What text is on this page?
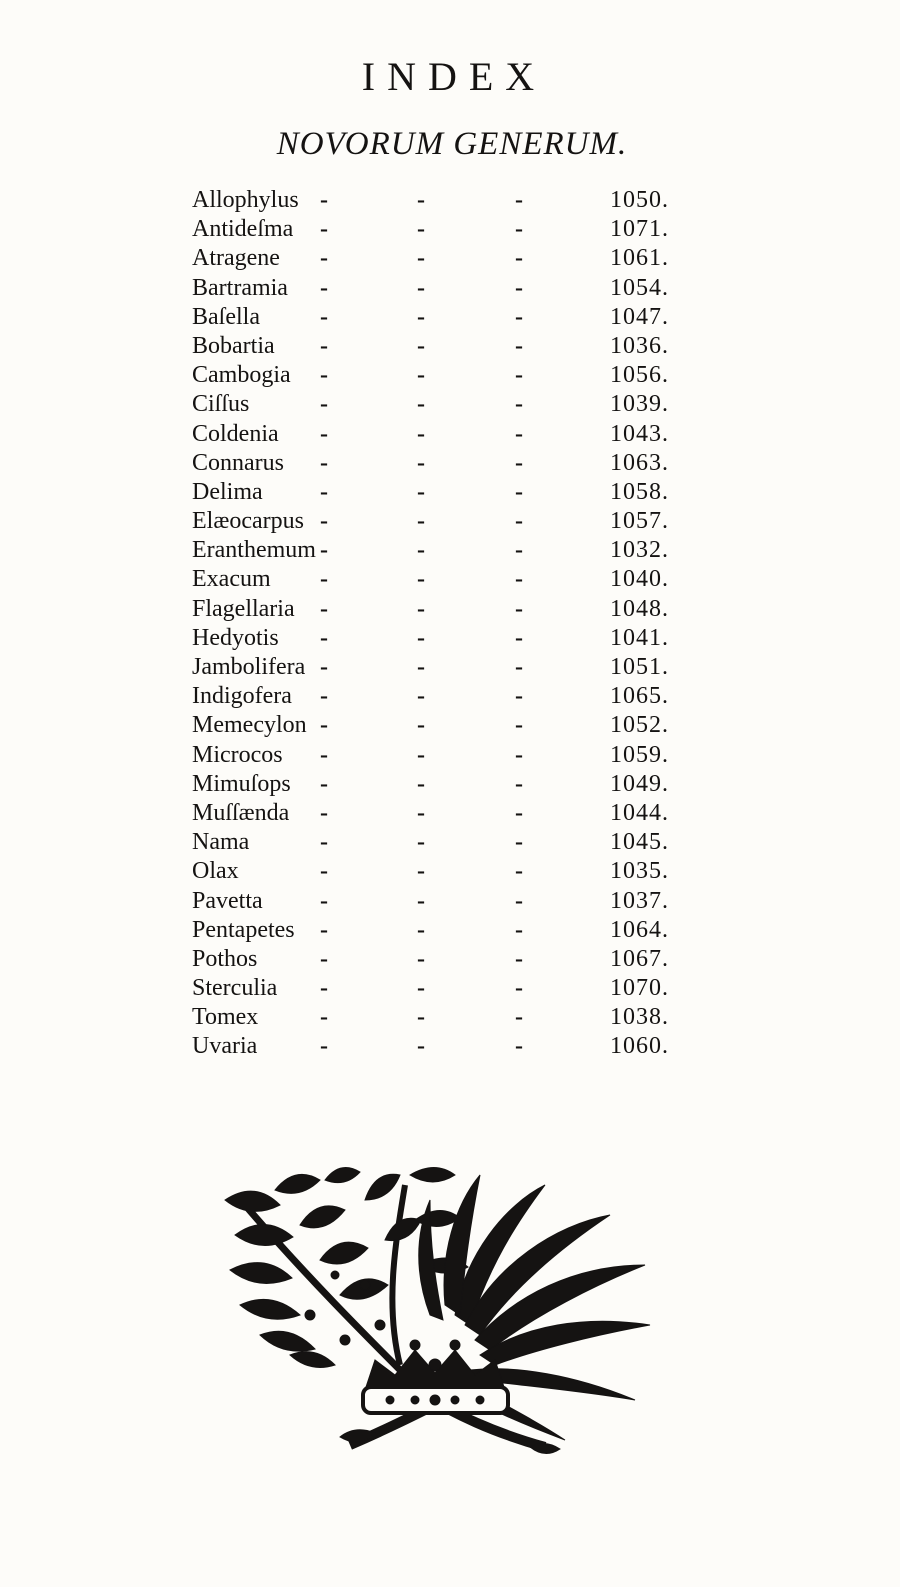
INDEX
NOVORUM GENERUM.
Allophylus -	-	-	1050.
Antideſma -	-	-	1071.
Atragene -	-	-	1061.
Bartramia -	-	-	1054.
Baſella	-	-	-	1047.
Bobartia -	-	-	1036.
Cambogia -	-	-	1056.
Ciſſus	-	-	-	1039.
Coldenia -	-	-	1043.
Connarus -	-	-	1063.
Delima -	-	-	1058.
Elæocarpus -	-	-	1057.
Eranthemum -	-	-	1032.
Exacum -	-	-	1040.
Flagellaria -	-	-	1048.
Hedyotis -	-	-	1041.
Jambolifera -	-	-	1051.
Indigofera -	-	-	1065.
Memecylon -	-	-	1052.
Microcos -	-	-	1059.
Mimuſops -	-	-	1049.
Muſſænda -	-	-	1044.
Nama	-	-	-	1045.
Olax	-	-	-	1035.
Pavetta -	-	-	1037.
Pentapetes -	-	-	1064.
Pothos	-	-	-	1067.
Sterculia -	-	-	1070.
Tomex	-	-	-	1038.
Uvaria	-	-	-	1060.
